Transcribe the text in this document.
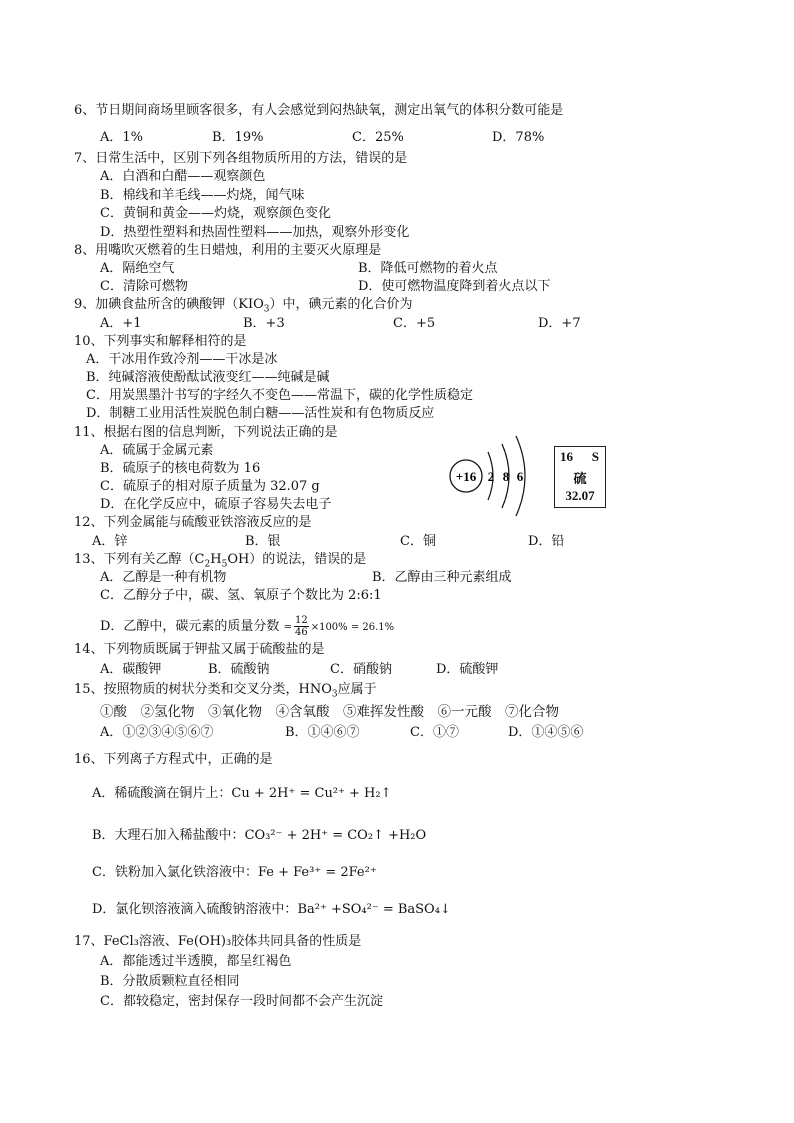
6、节日期间商场里顾客很多，有人会感觉到闷热缺氧，测定出氧气的体积分数可能是
A．1%	B．19%	C．25%	D．78%
7、日常生活中，区别下列各组物质所用的方法，错误的是
A．白酒和白醋——观察颜色
B．棉线和羊毛线——灼烧，闻气味
C．黄铜和黄金——灼烧，观察颜色变化
D．热塑性塑料和热固性塑料——加热，观察外形变化
8、用嘴吹灭燃着的生日蜡烛，利用的主要灭火原理是
A．隔绝空气	B．降低可燃物的着火点
C．清除可燃物	D．使可燃物温度降到着火点以下
9、加碘食盐所含的碘酸钾$(KIO_3)$中，碘元素的化合价为
A．+1	B．+3	C．+5	D．+7
10、下列事实和解释相符的是
A．干冰用作致冷剂——干冰是冰
B．纯碱溶液使酚酞试液变红——纯碱是碱
C．用炭黑墨汁书写的字经久不变色——常温下，碳的化学性质稳定
D．制糖工业用活性炭脱色制白糖——活性炭和有色物质反应
11、根据右图的信息判断，下列说法正确的是
A．硫属于金属元素
B．硫原子的核电荷数为 16
C．硫原子的相对原子质量为 32.07 g
D．在化学反应中，硫原子容易失去电子
+16 2 8 6
16 S
硫
32.07
12、下列金属能与硫酸亚铁溶液反应的是
A．锌	B．银	C．铜	D．铅
13、下列有关乙醇$(C_2H_5OH)$的说法，错误的是
A．乙醇是一种有机物	B．乙醇由三种元素组成
C．乙醇分子中，碳、氢、氧原子个数比为 2:6:1
D．乙醇中，碳元素的质量分数 = $\frac{12}{46} \times 100\% = 26.1\%$
14、下列物质既属于钾盐又属于硫酸盐的是
A．碳酸钾	B．硫酸钠	C．硝酸钠	D．硫酸钾
15、按照物质的树状分类和交叉分类，$HNO_3$应属于
①酸　②氢化物　③氧化物　④含氧酸　⑤难挥发性酸　⑥一元酸　⑦化合物
A．①②③④⑤⑥⑦	B．①④⑥⑦	C．①⑦	D．①④⑤⑥
16、下列离子方程式中，正确的是
A．稀硫酸滴在铜片上：Cu + 2H⁺ = Cu²⁺ + H₂↑
B．大理石加入稀盐酸中：CO₃²⁻ + 2H⁺ = CO₂↑ +H₂O
C．铁粉加入氯化铁溶液中：Fe + Fe³⁺ = 2Fe²⁺
D．氯化钡溶液滴入硫酸钠溶液中：Ba²⁺ +SO₄²⁻ = BaSO₄↓
17、FeCl₃溶液、Fe(OH)₃胶体共同具备的性质是
A．都能透过半透膜，都呈红褐色
B．分散质颗粒直径相同
C．都较稳定，密封保存一段时间都不会产生沉淀
